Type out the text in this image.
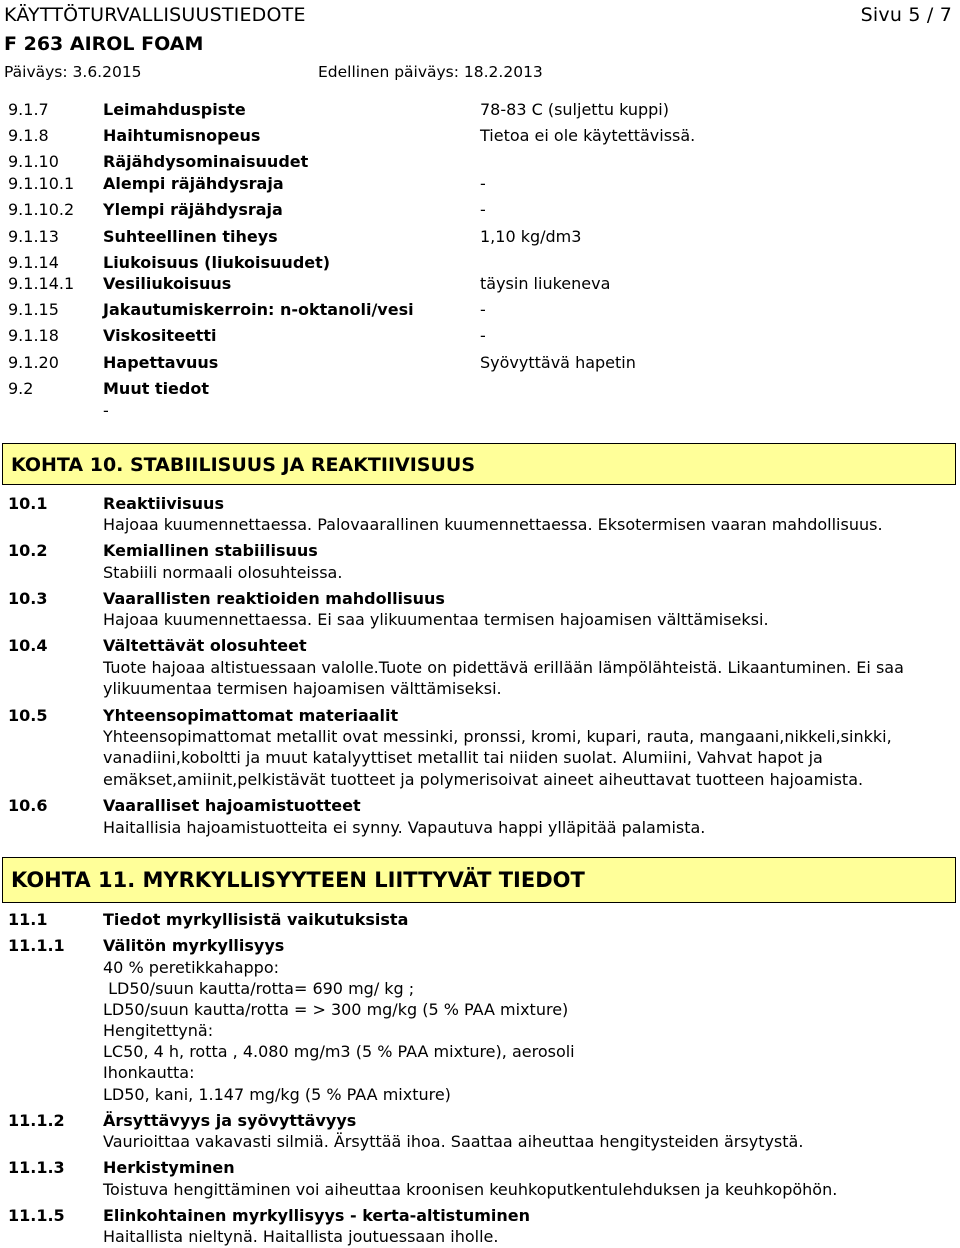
KÄYTTÖTURVALLISUUSTIEDOTE	Sivu 5 / 7
F 263 AIROL FOAM
Päiväys: 3.6.2015	Edellinen päiväys: 18.2.2013
9.1.7	Leimahduspiste	78-83 C (suljettu kuppi)
9.1.8	Haihtumisnopeus	Tietoa ei ole käytettävissä.
9.1.10	Räjähdysominaisuudet
9.1.10.1 Alempi räjähdysraja	-
9.1.10.2 Ylempi räjähdysraja	-
9.1.13	Suhteellinen tiheys	1,10 kg/dm3
9.1.14	Liukoisuus (liukoisuudet)
9.1.14.1 Vesiliukoisuus	täysin liukeneva
9.1.15	Jakautumiskerroin: n-oktanoli/vesi	-
9.1.18	Viskositeetti	-
9.1.20	Hapettavuus	Syövyttävä hapetin
9.2	Muut tiedot
-
KOHTA 10. STABIILISUUS JA REAKTIIVISUUS
10.1	Reaktiivisuus
Hajoaa kuumennettaessa. Palovaarallinen kuumennettaessa. Eksotermisen vaaran mahdollisuus.
10.2	Kemiallinen stabiilisuus
Stabiili normaali olosuhteissa.
10.3	Vaarallisten reaktioiden mahdollisuus
Hajoaa kuumennettaessa. Ei saa ylikuumentaa termisen hajoamisen välttämiseksi.
10.4	Vältettävät olosuhteet
Tuote hajoaa altistuessaan valolle.Tuote on pidettävä erillään lämpölähteistä. Likaantuminen. Ei saa
ylikuumentaa termisen hajoamisen välttämiseksi.
10.5	Yhteensopimattomat materiaalit
Yhteensopimattomat metallit ovat messinki, pronssi, kromi, kupari, rauta, mangaani,nikkeli,sinkki,
vanadiini,koboltti ja muut katalyyttiset metallit tai niiden suolat. Alumiini, Vahvat hapot ja
emäkset,amiinit,pelkistävät tuotteet ja polymerisoivat aineet aiheuttavat tuotteen hajoamista.
10.6	Vaaralliset hajoamistuotteet
Haitallisia hajoamistuotteita ei synny. Vapautuva happi ylläpitää palamista.
KOHTA 11. MYRKYLLISYYTEEN LIITTYVÄT TIEDOT
11.1	Tiedot myrkyllisistä vaikutuksista
11.1.1 Välitön myrkyllisyys
40 % peretikkahappo:
LD50/suun kautta/rotta= 690 mg/ kg ;
LD50/suun kautta/rotta = > 300 mg/kg (5 % PAA mixture)
Hengitettynä:
LC50, 4 h, rotta , 4.080 mg/m3 (5 % PAA mixture), aerosoli
Ihonkautta:
LD50, kani, 1.147 mg/kg (5 % PAA mixture)
11.1.2 Ärsyttävyys ja syövyttävyys
Vaurioittaa vakavasti silmiä. Ärsyttää ihoa. Saattaa aiheuttaa hengitysteiden ärsytystä.
11.1.3 Herkistyminen
Toistuva hengittäminen voi aiheuttaa kroonisen keuhkoputkentulehduksen ja keuhkopöhön.
11.1.5 Elinkohtainen myrkyllisyys - kerta-altistuminen
Haitallista nieltynä. Haitallista joutuessaan iholle.
